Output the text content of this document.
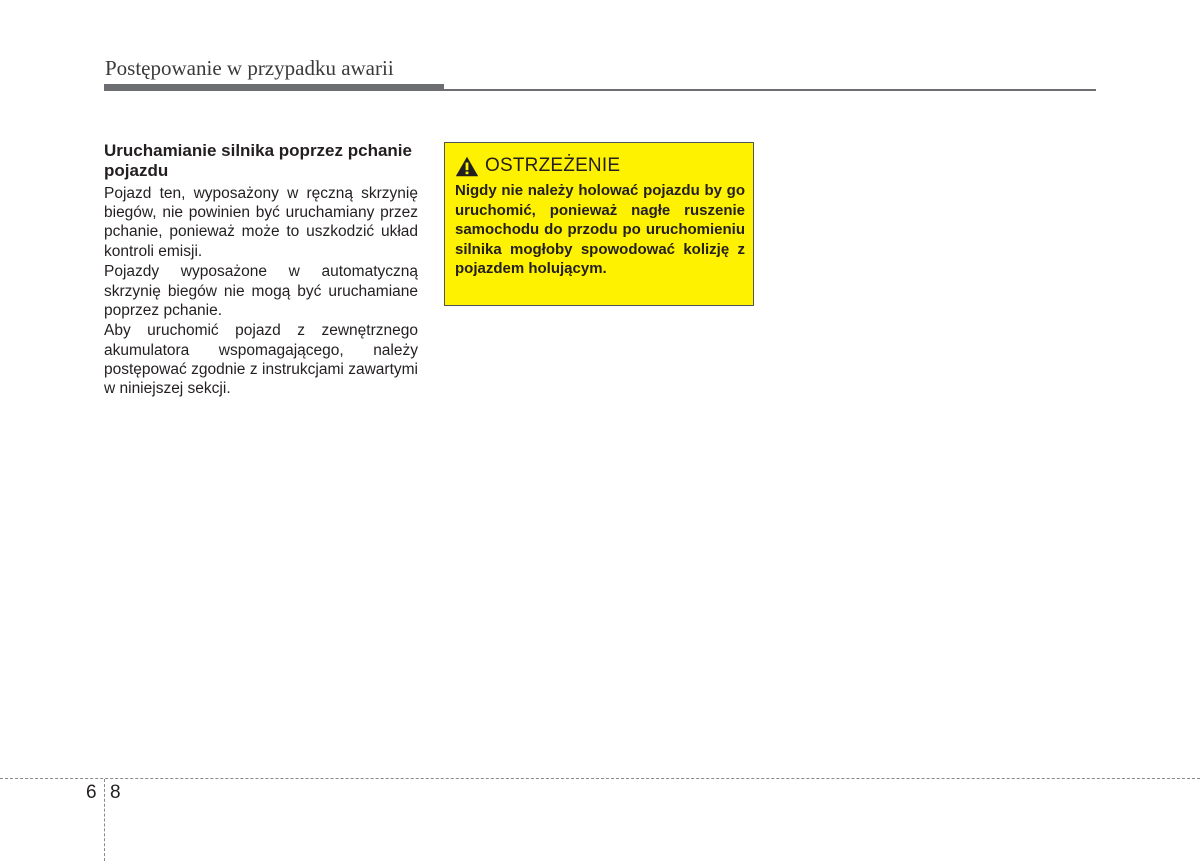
Postępowanie w przypadku awarii
Uruchamianie silnika poprzez pchanie pojazdu

Pojazd ten, wyposażony w ręczną skrzynię biegów, nie powinien być uruchamiany przez pchanie, ponieważ może to uszkodzić układ kontroli emisji.

Pojazdy wyposażone w automatyczną skrzynię biegów nie mogą być uruchamiane poprzez pchanie.

Aby uruchomić pojazd z zewnętrznego akumulatora wspomagającego, należy postępować zgodnie z instrukcjami zawartymi w niniejszej sekcji.

OSTRZEŻENIE

Nigdy nie należy holować pojazdu by go uruchomić, ponieważ nagłe ruszenie samochodu do przodu po uruchomieniu silnika mogłoby spowodować kolizję z pojazdem holującym.

6 8
